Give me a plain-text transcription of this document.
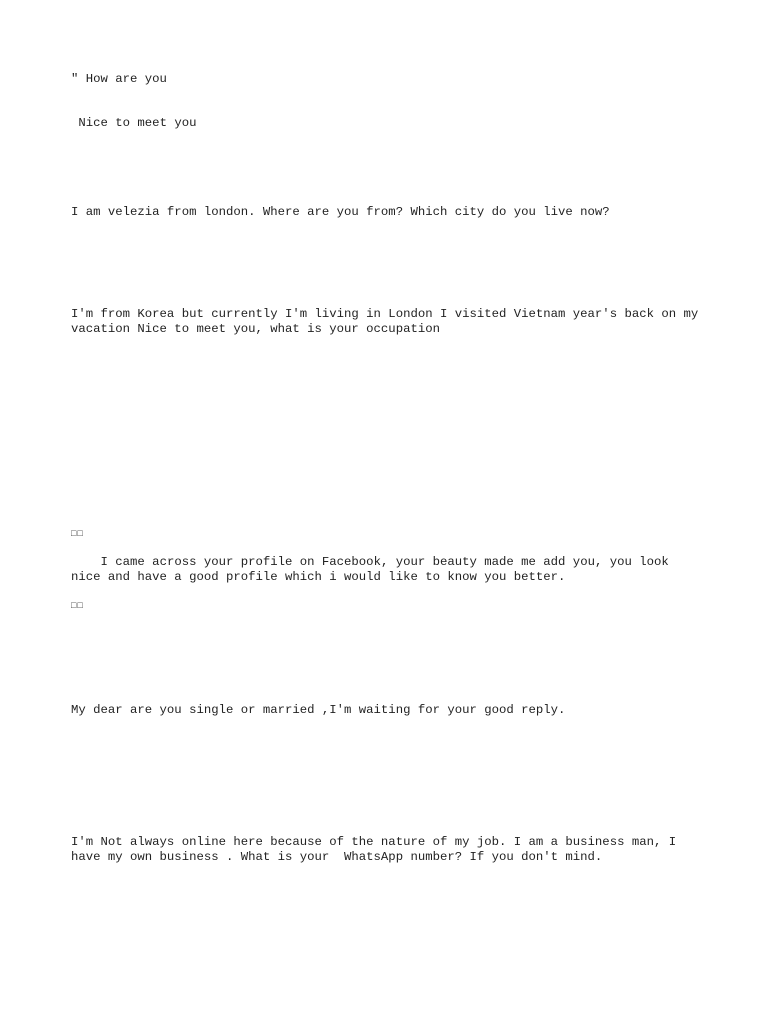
" How are you

Nice to meet you

I am velezia from london. Where are you from? Which city do you live now?

I'm from Korea but currently I'm living in London I visited Vietnam year's back on my vacation Nice to meet you, what is your occupation

□□

I came across your profile on Facebook, your beauty made me add you, you look nice and have a good profile which i would like to know you better.

□□

My dear are you single or married ,I'm waiting for your good reply.

I'm Not always online here because of the nature of my job. I am a business man, I have my own business . What is your  WhatsApp number? If you don't mind.
